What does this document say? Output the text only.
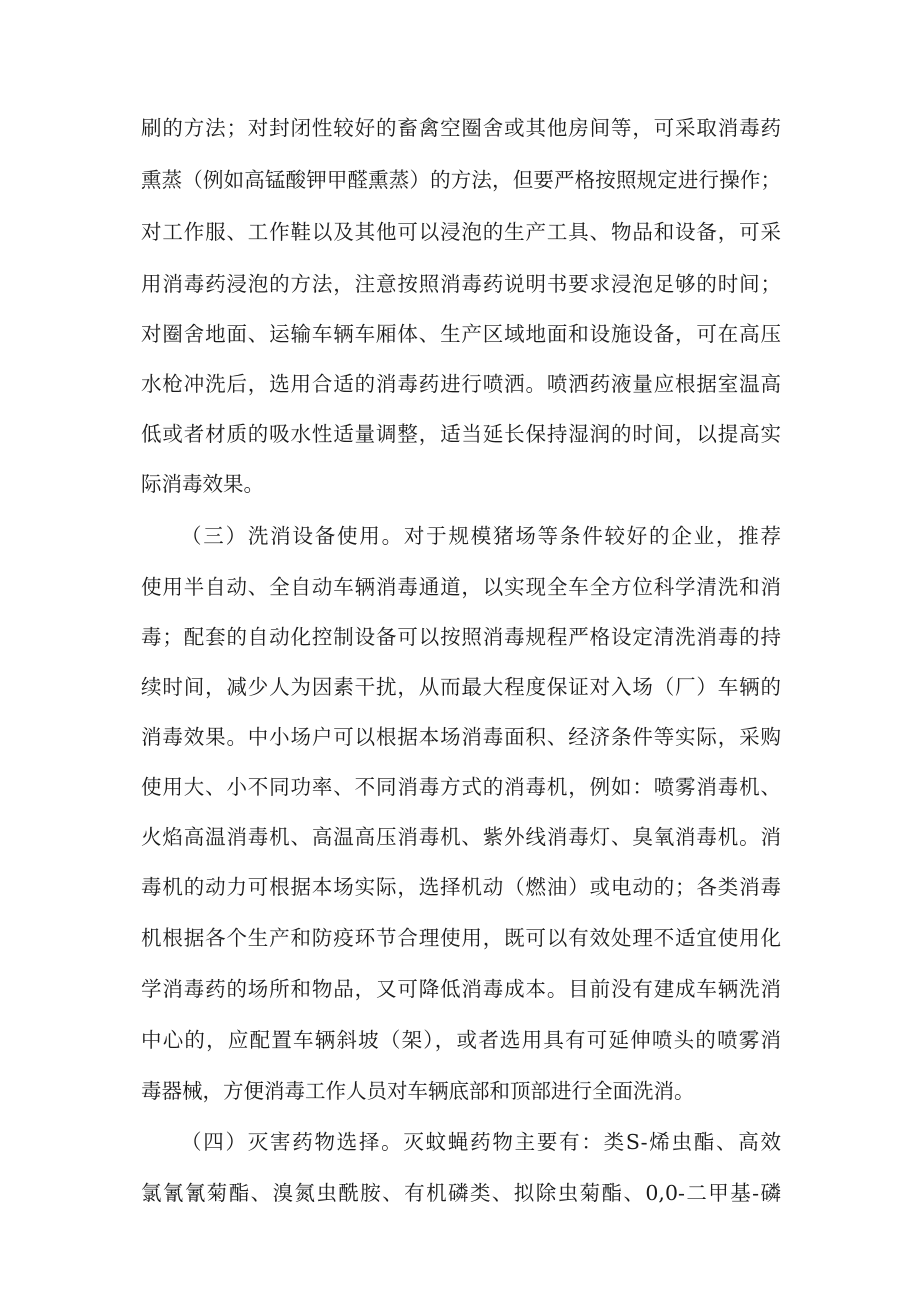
刷的方法；对封闭性较好的畜禽空圈舍或其他房间等，可采取消毒药
熏蒸（例如高锰酸钾甲醛熏蒸）的方法，但要严格按照规定进行操作；
对工作服、工作鞋以及其他可以浸泡的生产工具、物品和设备，可采
用消毒药浸泡的方法，注意按照消毒药说明书要求浸泡足够的时间；
对圈舍地面、运输车辆车厢体、生产区域地面和设施设备，可在高压
水枪冲洗后，选用合适的消毒药进行喷洒。喷洒药液量应根据室温高
低或者材质的吸水性适量调整，适当延长保持湿润的时间，以提高实
际消毒效果。
（三）洗消设备使用。对于规模猪场等条件较好的企业，推荐
使用半自动、全自动车辆消毒通道，以实现全车全方位科学清洗和消
毒；配套的自动化控制设备可以按照消毒规程严格设定清洗消毒的持
续时间，减少人为因素干扰，从而最大程度保证对入场（厂）车辆的
消毒效果。中小场户可以根据本场消毒面积、经济条件等实际，采购
使用大、小不同功率、不同消毒方式的消毒机，例如：喷雾消毒机、
火焰高温消毒机、高温高压消毒机、紫外线消毒灯、臭氧消毒机。消
毒机的动力可根据本场实际，选择机动（燃油）或电动的；各类消毒
机根据各个生产和防疫环节合理使用，既可以有效处理不适宜使用化
学消毒药的场所和物品，又可降低消毒成本。目前没有建成车辆洗消
中心的，应配置车辆斜坡（架），或者选用具有可延伸喷头的喷雾消
毒器械，方便消毒工作人员对车辆底部和顶部进行全面洗消。
（四）灭害药物选择。灭蚊蝇药物主要有：类S-烯虫酯、高效
氯氰氰菊酯、溴氮虫酰胺、有机磷类、拟除虫菊酯、0,0-二甲基-磷
